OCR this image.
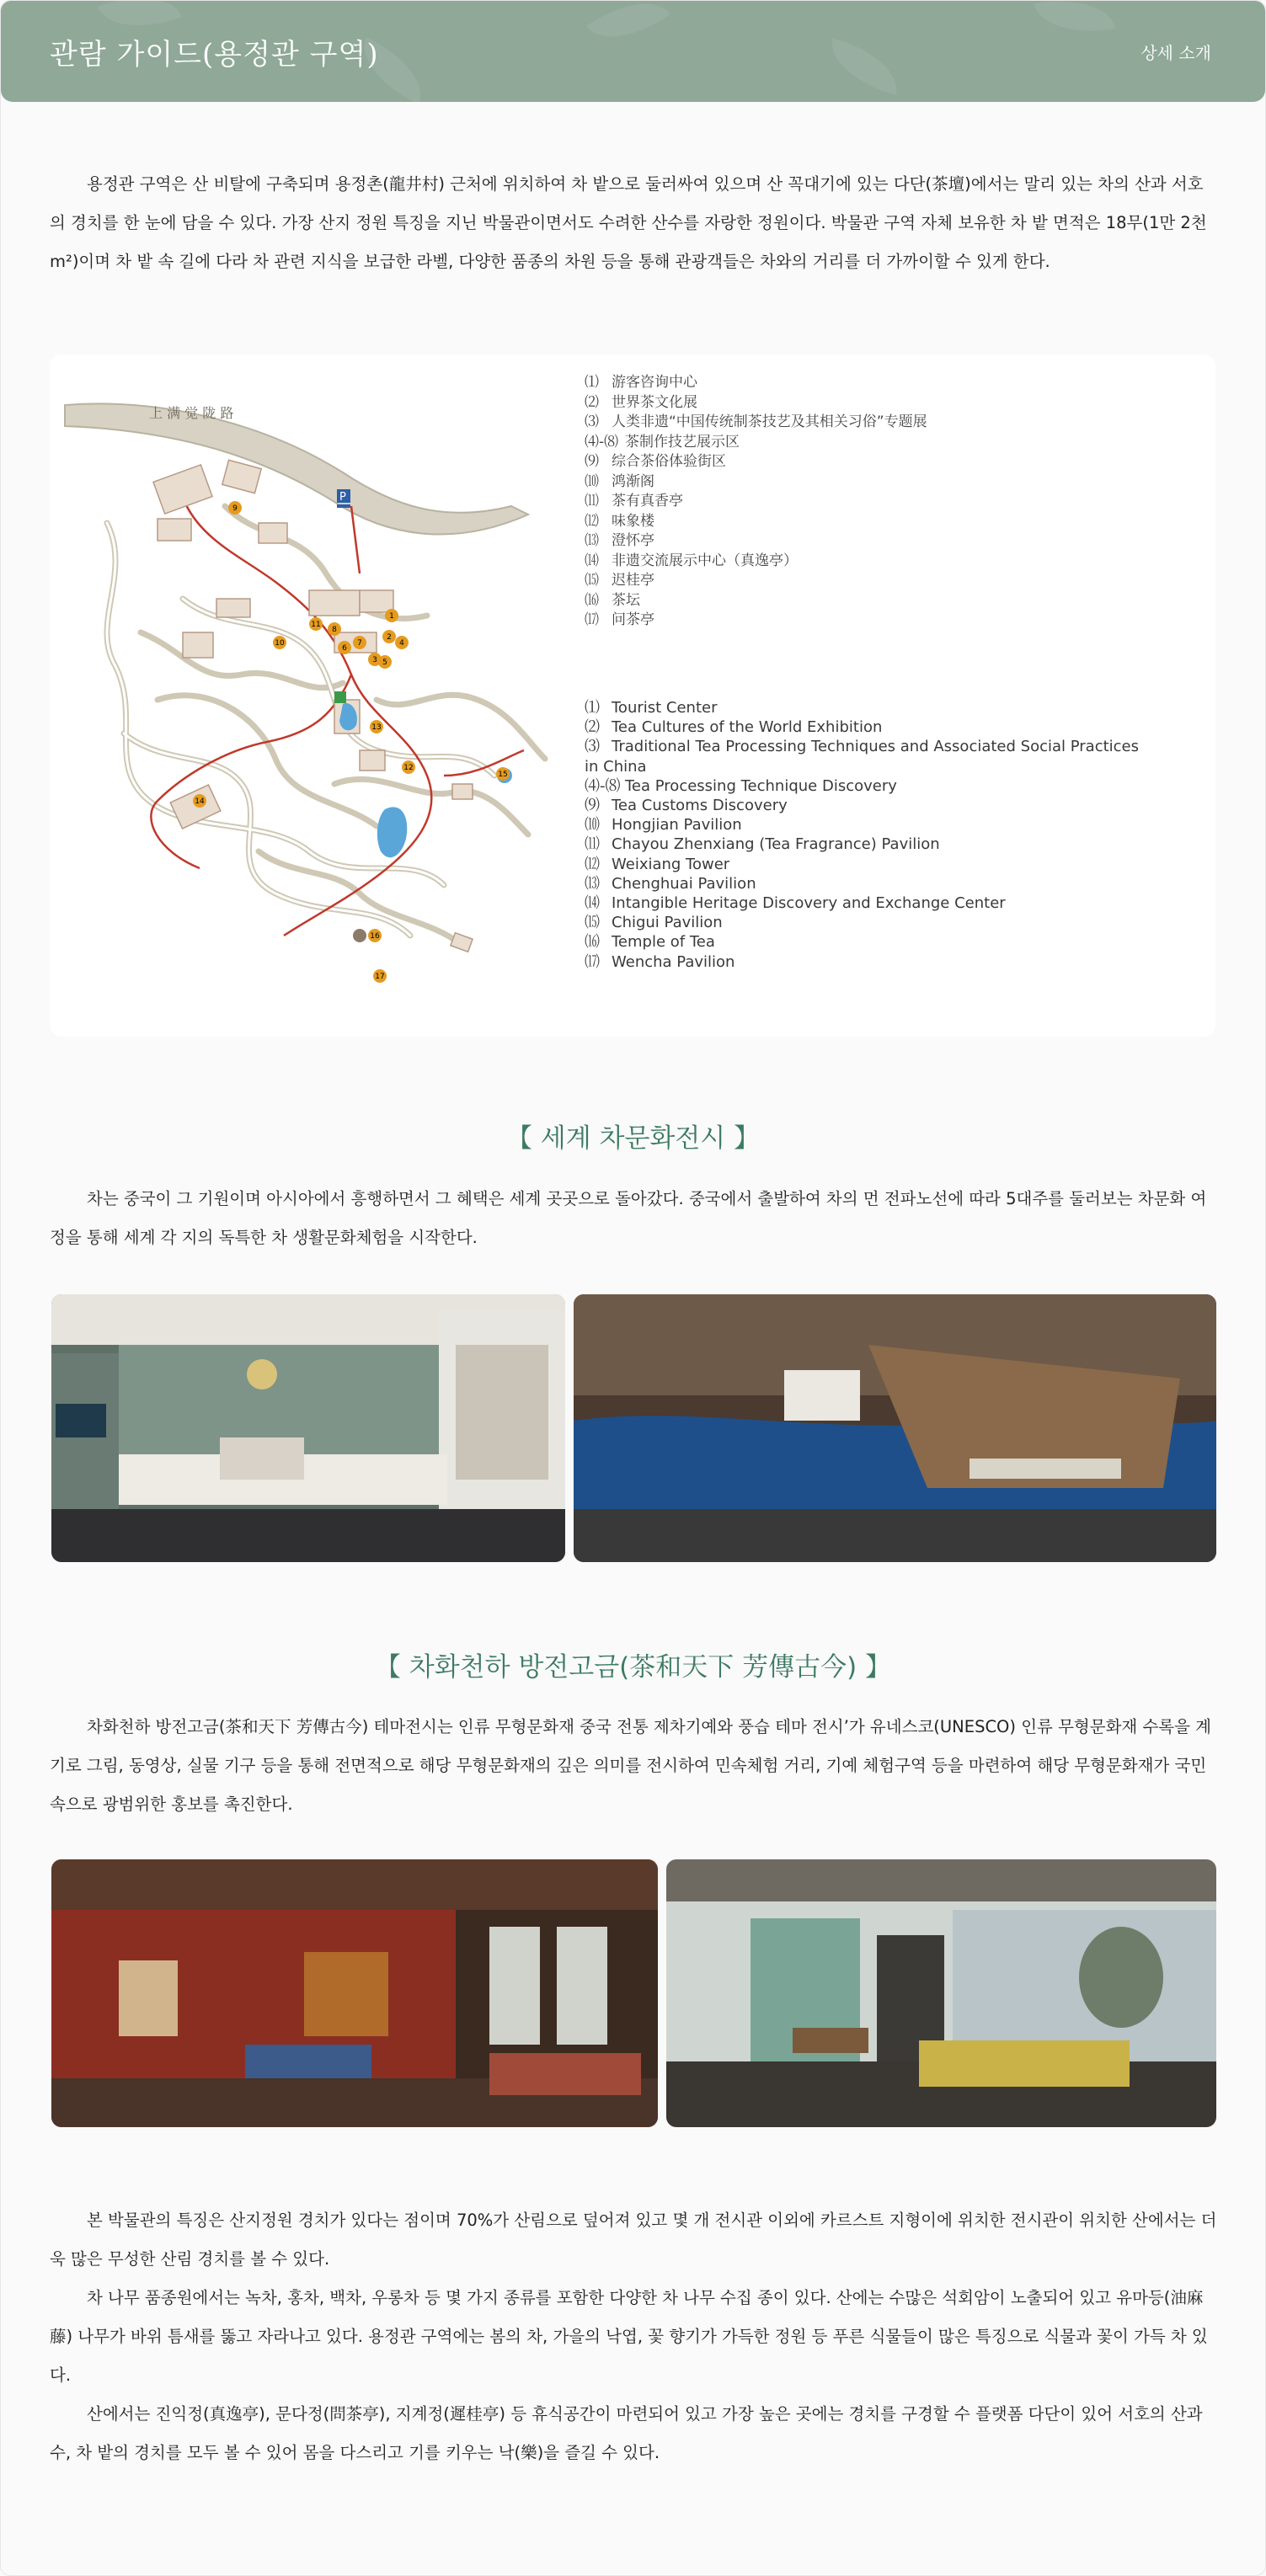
관람 가이드(용정관 구역)	상세 소개

용정관 구역은 산 비탈에 구축되며 용정촌(龍井村) 근처에 위치하여 차 밭으로 둘러싸여 있으며 산 꼭대기에 있는 다단(茶壇)에서는 말리 있는 차의 산과 서호의 경치를 한 눈에 담을 수 있다. 가장 산지 정원 특징을 지닌 박물관이면서도 수려한 산수를 자랑한 정원이다. 박물관 구역 자체 보유한 차 밭 면적은 18무(1만 2천m²)이며 차 밭 속 길에 다라 차 관련 지식을 보급한 라벨, 다양한 품종의 차원 등을 통해 관광객들은 차와의 거리를 더 가까이할 수 있게 한다.

上 满 觉 陇 路
P
1
2
3
4
5
6
7
8
9
10
11
12
13
14
15
16
17
⑴ 游客咨询中心
⑵ 世界茶文化展
⑶ 人类非遗“中国传统制茶技艺及其相关习俗”专题展
⑷-⑻ 茶制作技艺展示区
⑼ 综合茶俗体验街区
⑽ 鸿渐阁
⑾ 茶有真香亭
⑿ 味象楼
⒀ 澄怀亭
⒁ 非遗交流展示中心（真逸亭）
⒂ 迟桂亭
⒃ 茶坛
⒄ 问茶亭
⑴ Tourist Center
⑵ Tea Cultures of the World Exhibition
⑶ Traditional Tea Processing Techniques and Associated Social Practices in China
⑷-⑻ Tea Processing Technique Discovery
⑼ Tea Customs Discovery
⑽ Hongjian Pavilion
⑾ Chayou Zhenxiang (Tea Fragrance) Pavilion
⑿ Weixiang Tower
⒀ Chenghuai Pavilion
⒁ Intangible Heritage Discovery and Exchange Center
⒂ Chigui Pavilion
⒃ Temple of Tea
⒄ Wencha Pavilion
【 세계 차문화전시 】

차는 중국이 그 기원이며 아시아에서 흥행하면서 그 혜택은 세계 곳곳으로 돌아갔다. 중국에서 출발하여 차의 먼 전파노선에 따라 5대주를 둘러보는 차문화 여정을 통해 세계 각 지의 독특한 차 생활문화체험을 시작한다.

【 차화천하 방전고금(茶和天下 芳傳古今) 】

차화천하 방전고금(茶和天下 芳傳古今) 테마전시는 인류 무형문화재 중국 전통 제차기예와 풍습 테마 전시’가 유네스코(UNESCO) 인류 무형문화재 수록을 계기로 그림, 동영상, 실물 기구 등을 통해 전면적으로 해당 무형문화재의 깊은 의미를 전시하여 민속체험 거리, 기예 체험구역 등을 마련하여 해당 무형문화재가 국민 속으로 광범위한 홍보를 촉진한다.

본 박물관의 특징은 산지정원 경치가 있다는 점이며 70%가 산림으로 덮어져 있고 몇 개 전시관 이외에 카르스트 지형이에 위치한 전시관이 위치한 산에서는 더욱 많은 무성한 산림 경치를 볼 수 있다.

차 나무 품종원에서는 녹차, 홍차, 백차, 우롱차 등 몇 가지 종류를 포함한 다양한 차 나무 수집 종이 있다. 산에는 수많은 석회암이 노출되어 있고 유마등(油麻藤) 나무가 바위 틈새를 뚫고 자라나고 있다. 용정관 구역에는 봄의 차, 가을의 낙엽, 꽃 향기가 가득한 정원 등 푸른 식물들이 많은 특징으로 식물과 꽃이 가득 차 있다.

산에서는 진익정(真逸亭), 문다정(問茶亭), 지계정(遲桂亭) 등 휴식공간이 마련되어 있고 가장 높은 곳에는 경치를 구경할 수 플랫폼 다단이 있어 서호의 산과 수, 차 밭의 경치를 모두 볼 수 있어 몸을 다스리고 기를 키우는 낙(樂)을 즐길 수 있다.
